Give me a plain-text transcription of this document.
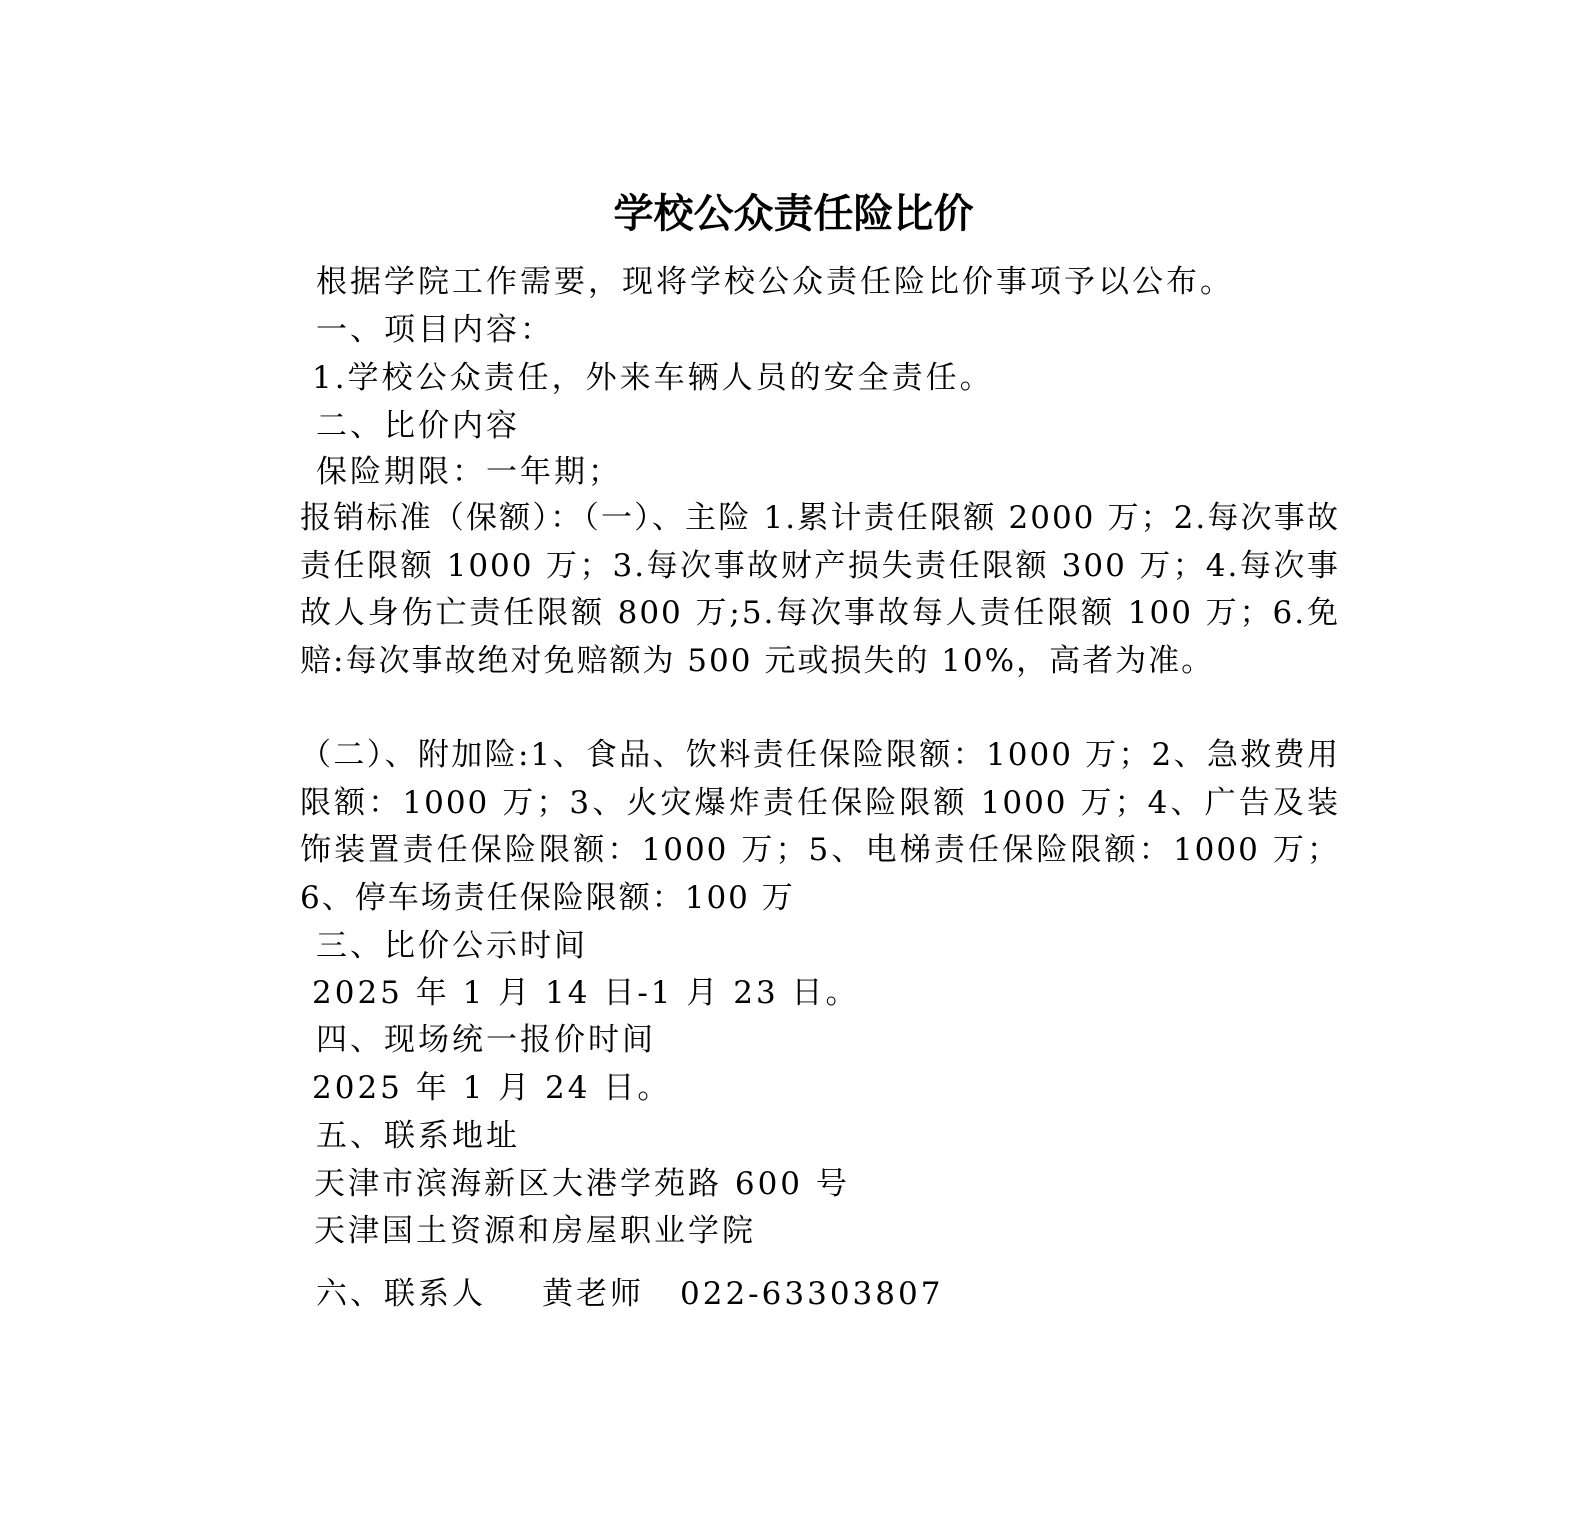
学校公众责任险比价

根据学院工作需要，现将学校公众责任险比价事项予以公布。

一、项目内容：

1.学校公众责任，外来车辆人员的安全责任。

二、比价内容

保险期限：一年期；

报销标准（保额）：（一）、主险 1.累计责任限额 2000 万；2.每次事故责任限额 1000 万；3.每次事故财产损失责任限额 300 万；4.每次事故人身伤亡责任限额 800 万;5.每次事故每人责任限额 100 万；6.免赔:每次事故绝对免赔额为 500 元或损失的 10%，高者为准。

（二）、附加险:1、食品、饮料责任保险限额：1000 万；2、急救费用限额：1000 万；3、火灾爆炸责任保险限额 1000 万；4、广告及装饰装置责任保险限额：1000 万；5、电梯责任保险限额：1000 万；6、停车场责任保险限额：100 万

三、比价公示时间

2025 年 1 月 14 日-1 月 23 日。

四、现场统一报价时间

2025 年 1 月 24 日。

五、联系地址

天津市滨海新区大港学苑路 600 号

天津国土资源和房屋职业学院

六、联系人 黄老师 022-63303807
